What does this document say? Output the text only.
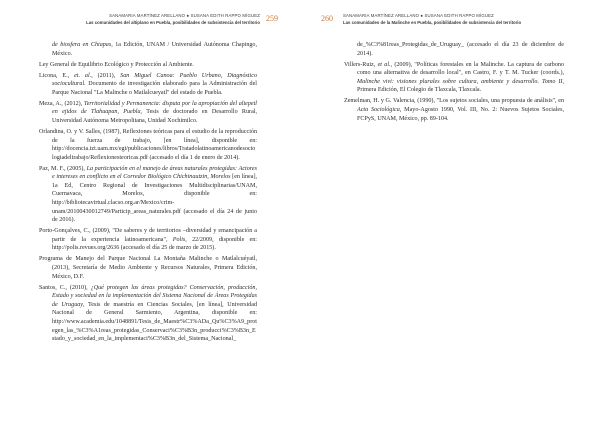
SANAMARIA MARTÍNEZ ARELLANO ● SUSANA EDITH RAPPO MÍGUEZ
Las comunidades del altiplano en Puebla, posibilidades de subsistencia del territorio 259

de biosfera en Chiapas, 1a Edición, UNAM / Universidad Autónoma Chapingo, México.

Ley General de Equilibrio Ecológico y Protección al Ambiente.

Licona, E., et. al., (2011), San Miguel Canoa: Pueblo Urbano, Diagnóstico sociocultural. Documento de investigación elaborado para la Administración del Parque Nacional "La Malinche o Matlalcueyatl" del estado de Puebla.

Meza, A., (2012), Territorialidad y Permanencia: disputa por la apropiación del altepetl en ejidos de Tlahuapan, Puebla, Tesis de doctorado en Desarrollo Rural, Universidad Autónoma Metropolitana, Unidad Xochimilco.

Orlandina, O. y V. Salles, (1987), Reflexiones teóricas para el estudio de la reproducción de la fuerza de trabajo, [en línea], disponible en: http://docencia.izt.uam.mx/egt/publicaciones/libros/Tratadolatinoamericanodesociologiadeltrabajo/Reflexionesteoricas.pdf (accesado el día 1 de enero de 2014).

Paz, M. F., (2005), La participación en el manejo de áreas naturales protegidas: Actores e intereses en conflicto en el Corredor Biológico Chichinautzin, Morelos [en línea], 1a Ed, Centro Regional de Investigaciones Multidisciplinarias/UNAM, Cuernavaca, Morelos, disponible en: http://bibliotecavirtual.clacso.org.ar/Mexico/crim-unam/20100430012749/Particip_areas_naturales.pdf (accesado el día 24 de junio de 2016).

Porto-Gonçalves, C., (2009), "De saberes y de territorios –diversidad y emancipación a partir de la experiencia latinoamericana", Polis, 22/2009, disponible en: http://polis.revues.org/2636 (accesado el día 25 de marzo de 2015).

Programa de Manejo del Parque Nacional La Montaña Malinche o Matlalcuéyatl, (2013), Secretaría de Medio Ambiente y Recursos Naturales, Primera Edición, México, D.F.

Santos, C., (2010), ¿Qué protegen las áreas protegidas? Conservación, producción, Estado y sociedad en la implementación del Sistema Nacional de Áreas Protegidas de Uruguay, Tesis de maestría en Ciencias Sociales, [en línea], Universidad Nacional de General Sarmiento, Argentina, disponible en: http://www.academia.edu/1048891/Tesis_de_Maestr%C3%ADa_Qu%C3%A9_protegen_las_%C3%A1reas_protegidas_Conservaci%C3%B3n_producci%C3%B3n_Estado_y_sociedad_en_la_implementaci%C3%B3n_del_Sistema_Nacional_

260 SANAMARIA MARTÍNEZ ARELLANO ● SUSANA EDITH RAPPO MÍGUEZ
Las comunidades de la Malinche en Puebla, posibilidades de subsistencia del territorio

de_%C3%81reas_Protegidas_de_Uruguay_ (accesado el día 23 de diciembre de 2014).

Villers-Ruiz, et al., (2009), "Políticas forestales en la Malinche. La captura de carbono como una alternativa de desarrollo local", en Castro, F. y T. M. Tucker (coords.), Malinche vivi: visiones plurales sobre cultura, ambiente y desarrollo. Tomo II, Primera Edición, El Colegio de Tlaxcala, Tlaxcala.

Zemelman, H. y G. Valencia, (1990), "Los sujetos sociales, una propuesta de análisis", en Acta Sociológica, Mayo-Agosto 1990, Vol. III, No. 2: Nuevos Sujetos Sociales, FCPyS, UNAM, México, pp. 89-104.
